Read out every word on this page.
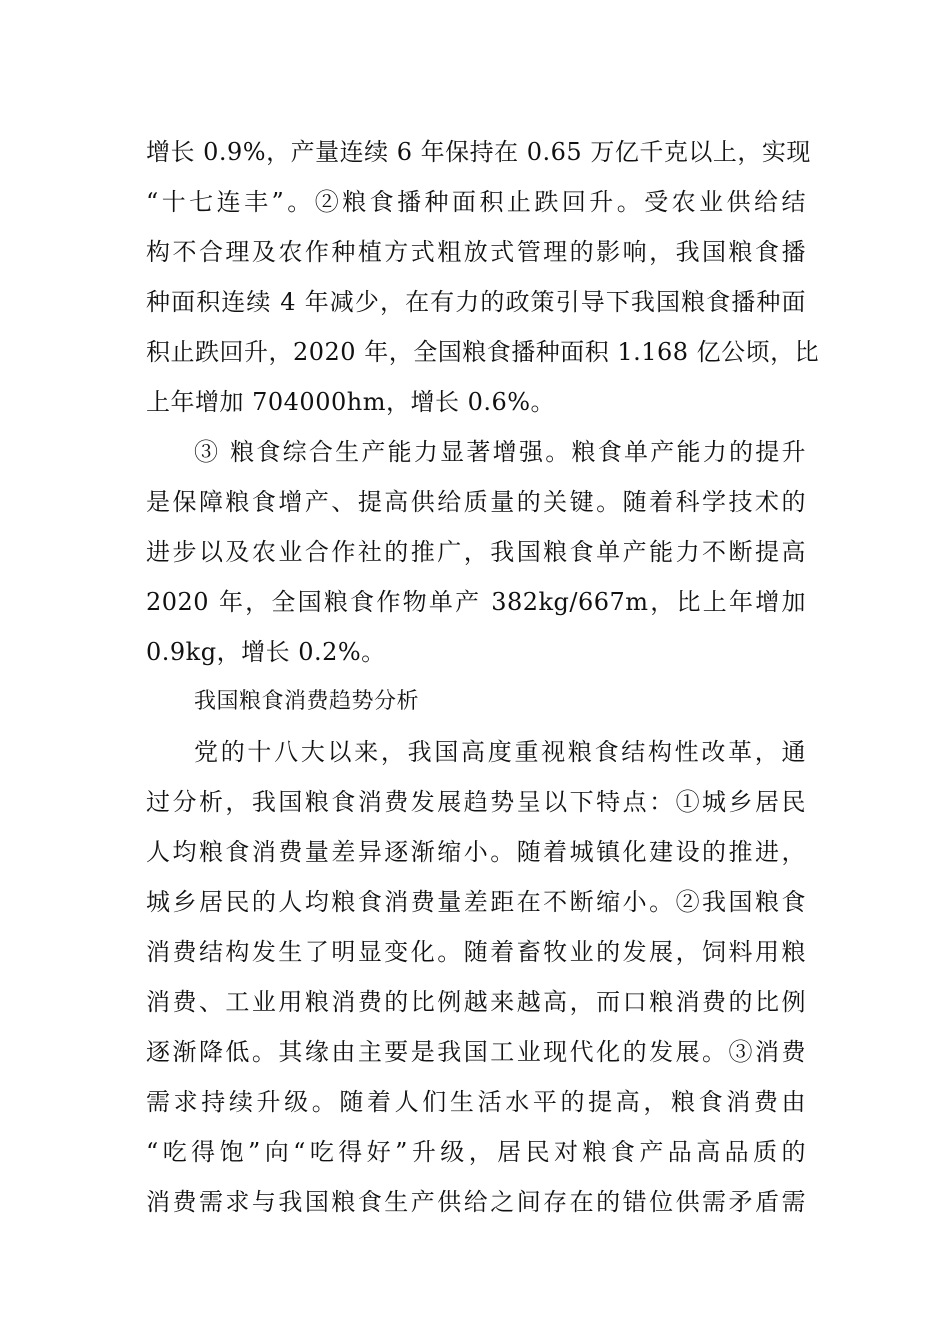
增长 0.9%，产量连续 6 年保持在 0.65 万亿千克以上，实现
“十七连丰”。②粮食播种面积止跌回升。受农业供给结
构不合理及农作种植方式粗放式管理的影响，我国粮食播
种面积连续 4 年减少，在有力的政策引导下我国粮食播种面
积止跌回升，2020 年，全国粮食播种面积 1.168 亿公顷，比
上年增加 704000hm，增长 0.6%。
③ 粮食综合生产能力显著增强。粮食单产能力的提升
是保障粮食增产、提高供给质量的关键。随着科学技术的
进步以及农业合作社的推广，我国粮食单产能力不断提高
2020 年，全国粮食作物单产 382kg/667m，比上年增加
0.9kg，增长 0.2%。
我国粮食消费趋势分析
党的十八大以来，我国高度重视粮食结构性改革，通
过分析，我国粮食消费发展趋势呈以下特点：①城乡居民
人均粮食消费量差异逐渐缩小。随着城镇化建设的推进，
城乡居民的人均粮食消费量差距在不断缩小。②我国粮食
消费结构发生了明显变化。随着畜牧业的发展，饲料用粮
消费、工业用粮消费的比例越来越高，而口粮消费的比例
逐渐降低。其缘由主要是我国工业现代化的发展。③消费
需求持续升级。随着人们生活水平的提高，粮食消费由
“吃得饱”向“吃得好”升级，居民对粮食产品高品质的
消费需求与我国粮食生产供给之间存在的错位供需矛盾需
